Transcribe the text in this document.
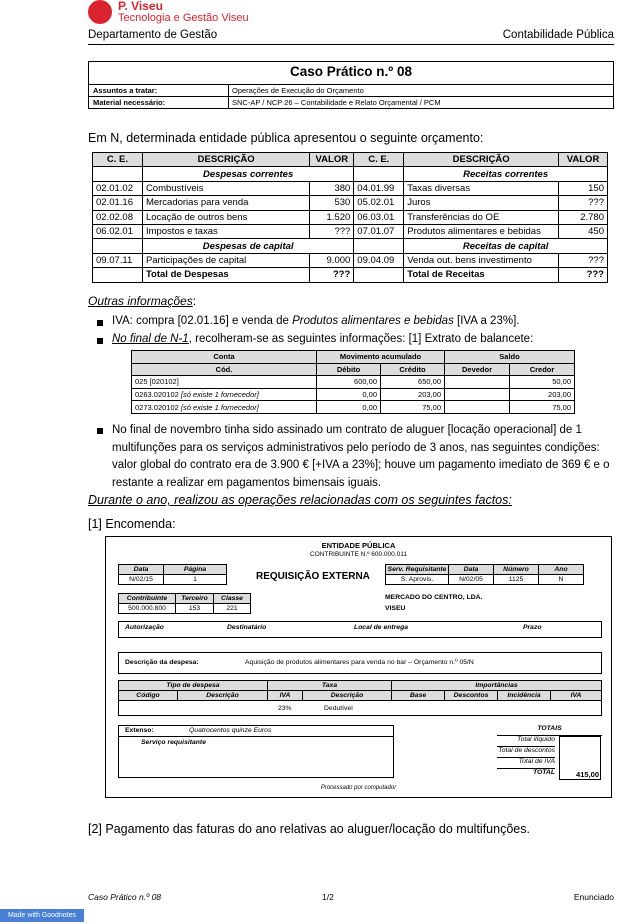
P. Viseu
Tecnologia e Gestão Viseu
Departamento de Gestão	Contabilidade Pública
Caso Prático n.º 08
Assuntos a tratar:	Operações de Execução do Orçamento
Material necessário:	SNC-AP / NCP 26 – Contabilidade e Relato Orçamental / PCM
Em N, determinada entidade pública apresentou o seguinte orçamento:
C. E.	DESCRIÇÃO	VALOR	C. E.	DESCRIÇÃO	VALOR
	Despesas correntes			Receitas correntes	
02.01.02	Combustíveis	380	04.01.99	Taxas diversas	150
02.01.16	Mercadorias para venda	530	05.02.01	Juros	???
02.02.08	Locação de outros bens	1.520	06.03.01	Transferências do OE	2.780
06.02.01	Impostos e taxas	???	07.01.07	Produtos alimentares e bebidas	450
	Despesas de capital			Receitas de capital	
09.07.11	Participações de capital	9.000	09.04.09	Venda out. bens investimento	???
	Total de Despesas	???		Total de Receitas	???
Outras informações:
IVA: compra [02.01.16] e venda de Produtos alimentares e bebidas [IVA a 23%].
No final de N-1, recolheram-se as seguintes informações: [1] Extrato de balancete:
Conta	Movimento acumulado		Saldo	
Cód.	Débito	Crédito	Devedor	Credor
025 [020102]	600,00	650,00		50,00
0263.020102 [só existe 1 fornecedor]	0,00	203,00		203,00
0273.020102 [só existe 1 fornecedor]	0,00	75,00		75,00
No final de novembro tinha sido assinado um contrato de aluguer [locação operacional] de 1
multifunções para os serviços administrativos pelo período de 3 anos, nas seguintes condições:
valor global do contrato era de 3.900 € [+IVA a 23%]; houve um pagamento imediato de 369 € e o
restante a realizar em pagamentos bimensais iguais.
Durante o ano, realizou as operações relacionadas com os seguintes factos:
[1] Encomenda:
ENTIDADE PÚBLICA
CONTRIBUINTE N.º 600.000.011
REQUISIÇÃO EXTERNA
Data	Página
N/02/15	1
Serv. Requisitante	Data	Número	Ano
S. Aprovis.	N/02/05	1125	N
Contribuinte	Terceiro	Classe
500.000.800	153	221
MERCADO DO CENTRO, LDA.
VISEU
Autorização	Destinatário	Local de entrega	Prazo
Descrição da despesa:	Aquisição de produtos alimentares para venda no bar – Orçamento n.º 05/N
Tipo de despesa	Taxa	Importâncias
Código	Descrição	IVA	Descrição	Base	Descontos	Incidência	IVA
23%	Dedutível
Extenso:	Quatrocentos quinze Euros
Serviço requisitante
TOTAIS
Total ilíquido
Total de descontos
Total de IVA
TOTAL	415,00
Processado por computador
[2] Pagamento das faturas do ano relativas ao aluguer/locação do multifunções.
Caso Prático n.º 08	1/2	Enunciado
Made with Goodnotes
